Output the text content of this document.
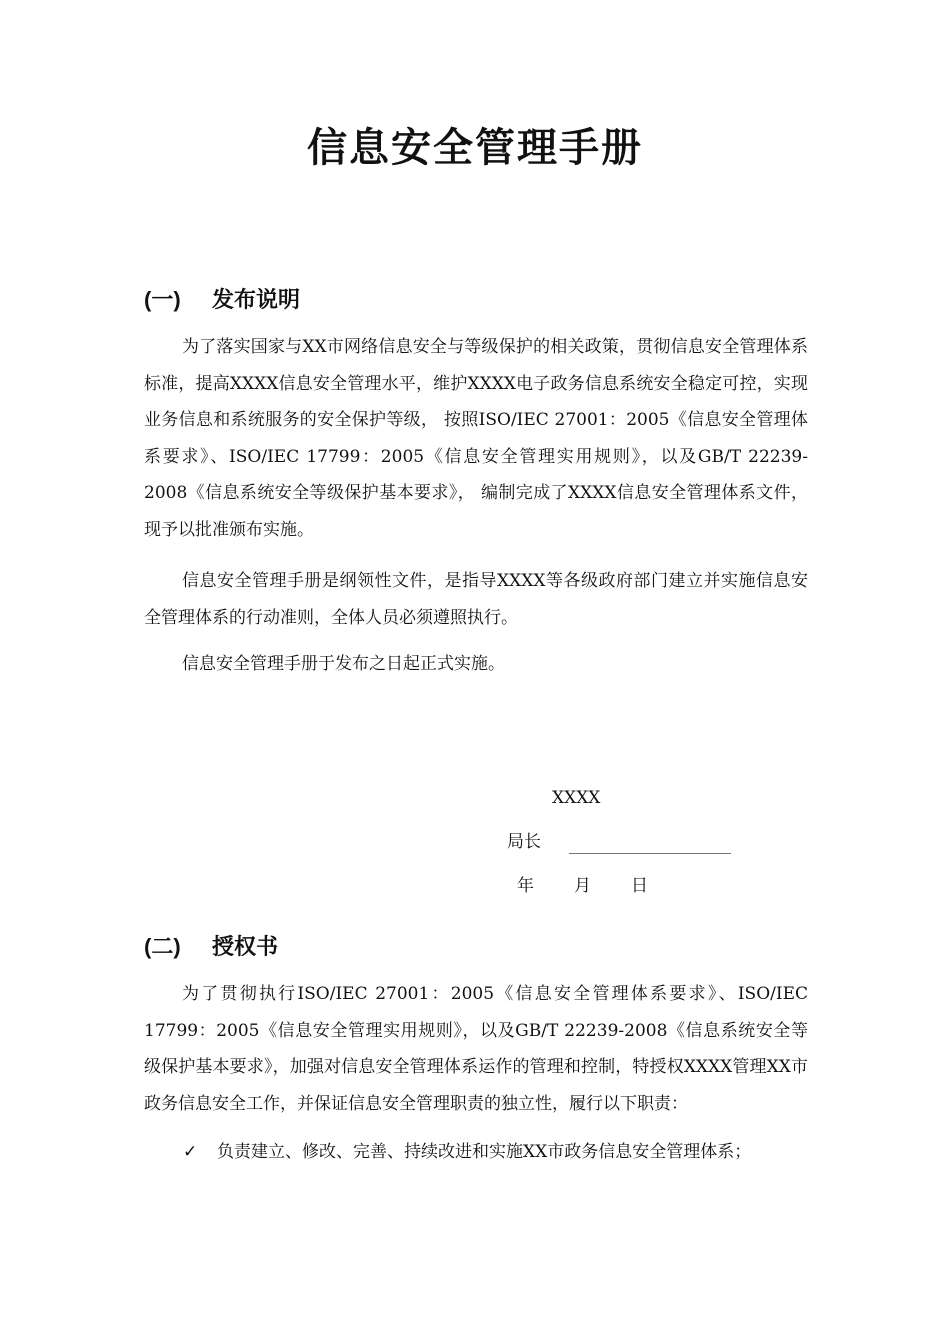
信息安全管理手册
(一) 发布说明

为了落实国家与XX市网络信息安全与等级保护的相关政策，贯彻信息安全管理体系标准，提高XXXX信息安全管理水平，维护XXXX电子政务信息系统安全稳定可控，实现业务信息和系统服务的安全保护等级， 按照ISO/IEC 27001：2005《信息安全管理体系要求》、ISO/IEC 17799：2005《信息安全管理实用规则》，以及GB/T 22239-2008《信息系统安全等级保护基本要求》， 编制完成了XXXX信息安全管理体系文件，现予以批准颁布实施。

信息安全管理手册是纲领性文件，是指导XXXX等各级政府部门建立并实施信息安全管理体系的行动准则，全体人员必须遵照执行。

信息安全管理手册于发布之日起正式实施。

XXXX

局长

年 月 日

(二) 授权书

为了贯彻执行ISO/IEC 27001：2005《信息安全管理体系要求》、ISO/IEC 17799：2005《信息安全管理实用规则》，以及GB/T 22239-2008《信息系统安全等级保护基本要求》，加强对信息安全管理体系运作的管理和控制，特授权XXXX管理XX市政务信息安全工作，并保证信息安全管理职责的独立性，履行以下职责：

✓ 负责建立、修改、完善、持续改进和实施XX市政务信息安全管理体系；
